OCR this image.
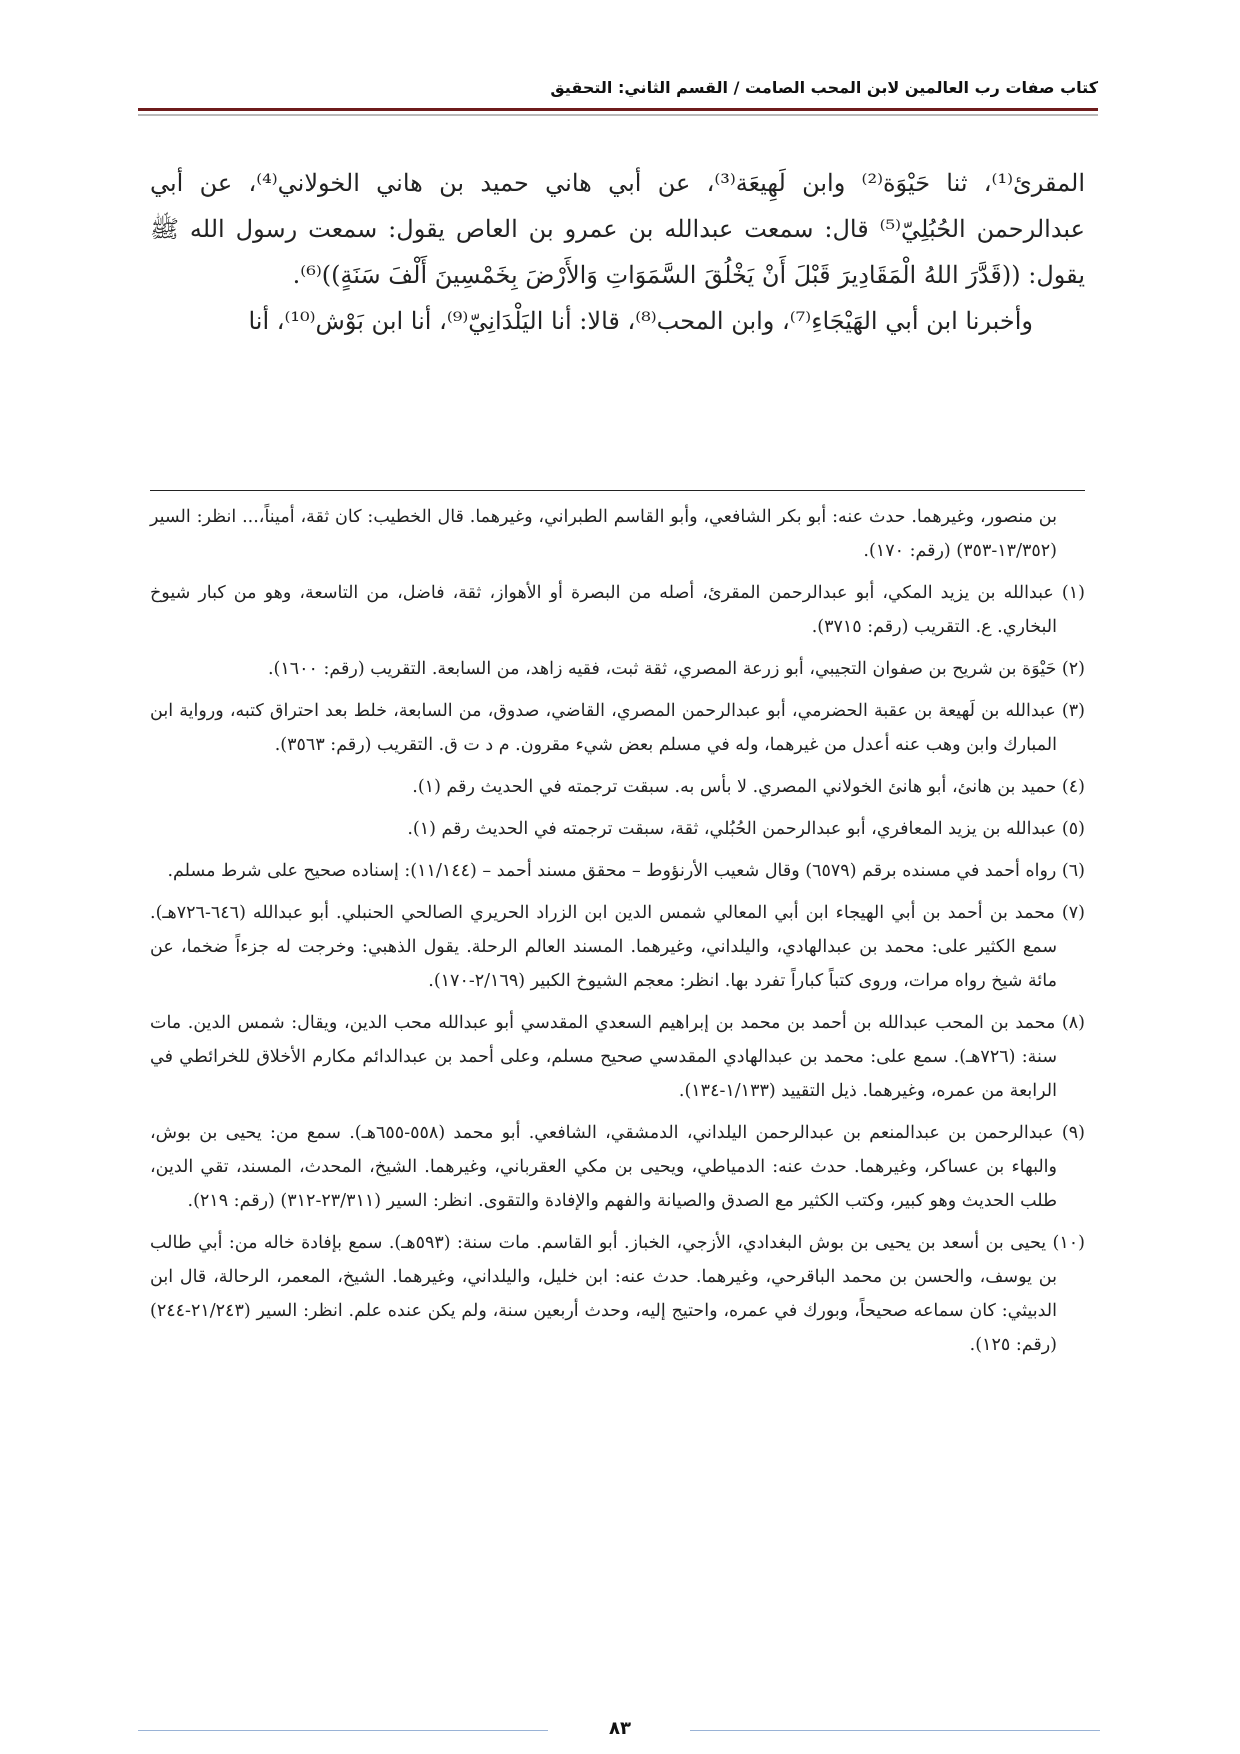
كتاب صفات رب العالمين لابن المحب الصامت / القسم الثاني: التحقيق

المقرئ⁽¹⁾، ثنا حَيْوَة⁽²⁾ وابن لَهِيعَة⁽³⁾، عن أبي هاني حميد بن هاني الخولاني⁽⁴⁾، عن أبي عبدالرحمن الحُبُلِيّ⁽⁵⁾ قال: سمعت عبدالله بن عمرو بن العاص يقول: سمعت رسول الله ﷺ يقول: ((قَدَّرَ اللهُ الْمَقَادِيرَ قَبْلَ أَنْ يَخْلُقَ السَّمَوَاتِ وَالأَرْضَ بِخَمْسِينَ أَلْفَ سَنَةٍ))⁽⁶⁾.

وأخبرنا ابن أبي الهَيْجَاءِ⁽⁷⁾، وابن المحب⁽⁸⁾، قالا: أنا اليَلْدَانِيّ⁽⁹⁾، أنا ابن بَوْش⁽¹⁰⁾، أنا

بن منصور، وغيرهما. حدث عنه: أبو بكر الشافعي، وأبو القاسم الطبراني، وغيرهما. قال الخطيب: كان ثقة، أميناً،... انظر: السير (١٣/٣٥٢-٣٥٣) (رقم: ١٧٠).

(١) عبدالله بن يزيد المكي، أبو عبدالرحمن المقرئ، أصله من البصرة أو الأهواز، ثقة، فاضل، من التاسعة، وهو من كبار شيوخ البخاري. ع. التقريب (رقم: ٣٧١٥).

(٢) حَيْوَة بن شريح بن صفوان التجيبي، أبو زرعة المصري، ثقة ثبت، فقيه زاهد، من السابعة. التقريب (رقم: ١٦٠٠).

(٣) عبدالله بن لَهيعة بن عقبة الحضرمي، أبو عبدالرحمن المصري، القاضي، صدوق، من السابعة، خلط بعد احتراق كتبه، ورواية ابن المبارك وابن وهب عنه أعدل من غيرهما، وله في مسلم بعض شيء مقرون. م د ت ق. التقريب (رقم: ٣٥٦٣).

(٤) حميد بن هانئ، أبو هانئ الخولاني المصري. لا بأس به. سبقت ترجمته في الحديث رقم (١).

(٥) عبدالله بن يزيد المعافري، أبو عبدالرحمن الحُبُلي، ثقة، سبقت ترجمته في الحديث رقم (١).

(٦) رواه أحمد في مسنده برقم (٦٥٧٩) وقال شعيب الأرنؤوط – محقق مسند أحمد – (١١/١٤٤): إسناده صحيح على شرط مسلم.

(٧) محمد بن أحمد بن أبي الهيجاء ابن أبي المعالي شمس الدين ابن الزراد الحريري الصالحي الحنبلي. أبو عبدالله (٦٤٦-٧٢٦هـ). سمع الكثير على: محمد بن عبدالهادي، واليلداني، وغيرهما. المسند العالم الرحلة. يقول الذهبي: وخرجت له جزءاً ضخما، عن مائة شيخ رواه مرات، وروى كتباً كباراً تفرد بها. انظر: معجم الشيوخ الكبير (٢/١٦٩-١٧٠).

(٨) محمد بن المحب عبدالله بن أحمد بن محمد بن إبراهيم السعدي المقدسي أبو عبدالله محب الدين، ويقال: شمس الدين. مات سنة: (٧٢٦هـ). سمع على: محمد بن عبدالهادي المقدسي صحيح مسلم، وعلى أحمد بن عبدالدائم مكارم الأخلاق للخرائطي في الرابعة من عمره، وغيرهما. ذيل التقييد (١/١٣٣-١٣٤).

(٩) عبدالرحمن بن عبدالمنعم بن عبدالرحمن اليلداني، الدمشقي، الشافعي. أبو محمد (٥٥٨-٦٥٥هـ). سمع من: يحيى بن بوش، والبهاء بن عساكر، وغيرهما. حدث عنه: الدمياطي، ويحيى بن مكي العقرباني، وغيرهما. الشيخ، المحدث، المسند، تقي الدين، طلب الحديث وهو كبير، وكتب الكثير مع الصدق والصيانة والفهم والإفادة والتقوى. انظر: السير (٢٣/٣١١-٣١٢) (رقم: ٢١٩).

(١٠) يحيى بن أسعد بن يحيى بن بوش البغدادي، الأزجي، الخباز. أبو القاسم. مات سنة: (٥٩٣هـ). سمع بإفادة خاله من: أبي طالب بن يوسف، والحسن بن محمد الباقرحي، وغيرهما. حدث عنه: ابن خليل، واليلداني، وغيرهما. الشيخ، المعمر، الرحالة، قال ابن الدبيثي: كان سماعه صحيحاً، وبورك في عمره، واحتيج إليه، وحدث أربعين سنة، ولم يكن عنده علم. انظر: السير (٢١/٢٤٣-٢٤٤) (رقم: ١٢٥).

٨٣
